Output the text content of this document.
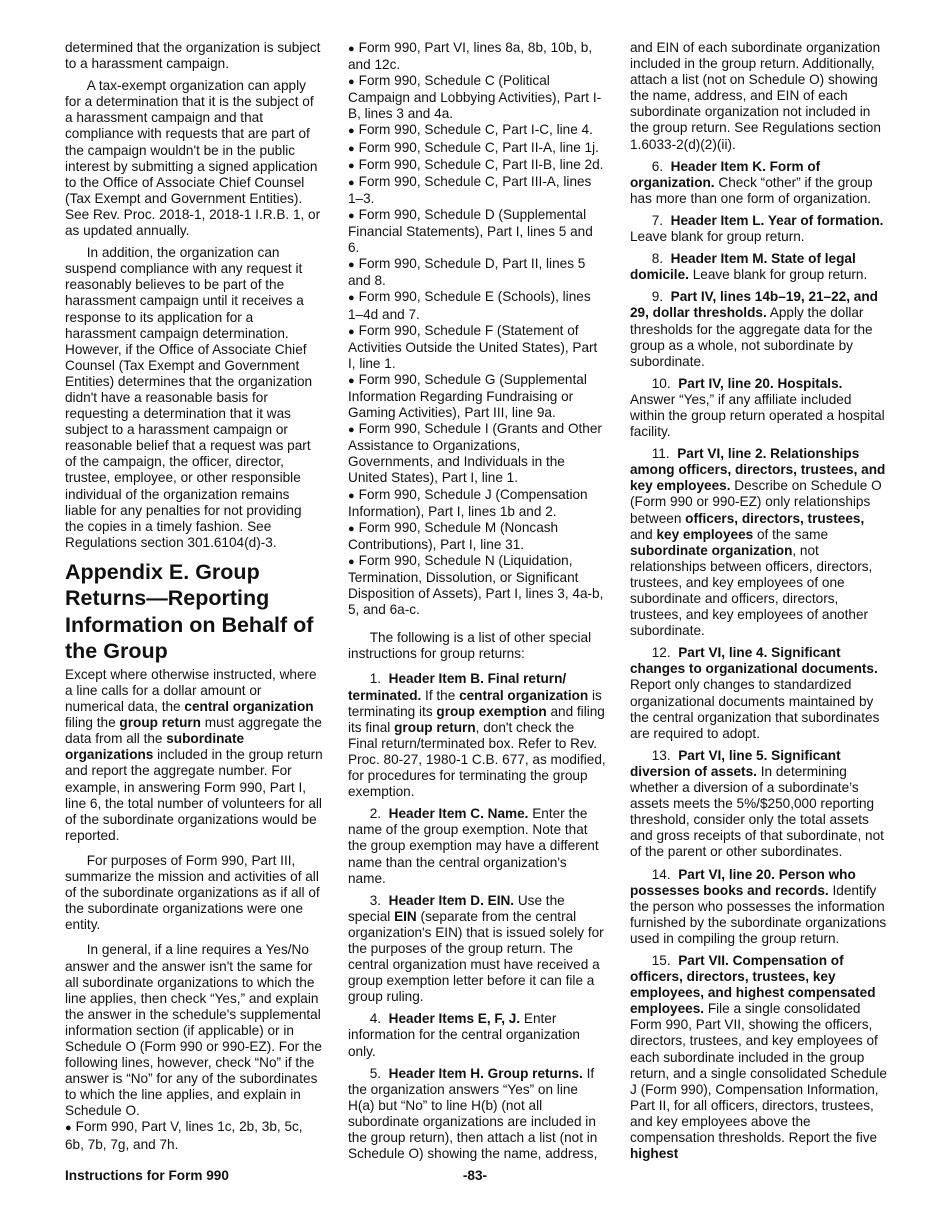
determined that the organization is subject to a harassment campaign.

A tax-exempt organization can apply for a determination that it is the subject of a harassment campaign and that compliance with requests that are part of the campaign wouldn't be in the public interest by submitting a signed application to the Office of Associate Chief Counsel (Tax Exempt and Government Entities). See Rev. Proc. 2018-1, 2018-1 I.R.B. 1, or as updated annually.

In addition, the organization can suspend compliance with any request it reasonably believes to be part of the harassment campaign until it receives a response to its application for a harassment campaign determination. However, if the Office of Associate Chief Counsel (Tax Exempt and Government Entities) determines that the organization didn't have a reasonable basis for requesting a determination that it was subject to a harassment campaign or reasonable belief that a request was part of the campaign, the officer, director, trustee, employee, or other responsible individual of the organization remains liable for any penalties for not providing the copies in a timely fashion. See Regulations section 301.6104(d)-3.

Appendix E. Group Returns—Reporting Information on Behalf of the Group

Except where otherwise instructed, where a line calls for a dollar amount or numerical data, the central organization filing the group return must aggregate the data from all the subordinate organizations included in the group return and report the aggregate number. For example, in answering Form 990, Part I, line 6, the total number of volunteers for all of the subordinate organizations would be reported.

For purposes of Form 990, Part III, summarize the mission and activities of all of the subordinate organizations as if all of the subordinate organizations were one entity.

In general, if a line requires a Yes/No answer and the answer isn't the same for all subordinate organizations to which the line applies, then check “Yes,” and explain the answer in the schedule's supplemental information section (if applicable) or in Schedule O (Form 990 or 990-EZ). For the following lines, however, check “No” if the answer is “No” for any of the subordinates to which the line applies, and explain in Schedule O.

● Form 990, Part V, lines 1c, 2b, 3b, 5c, 6b, 7b, 7g, and 7h.
● Form 990, Part VI, lines 8a, 8b, 10b, b, and 12c.
● Form 990, Schedule C (Political Campaign and Lobbying Activities), Part I-B, lines 3 and 4a.
● Form 990, Schedule C, Part I-C, line 4.
● Form 990, Schedule C, Part II-A, line 1j.
● Form 990, Schedule C, Part II-B, line 2d.
● Form 990, Schedule C, Part III-A, lines 1–3.
● Form 990, Schedule D (Supplemental Financial Statements), Part I, lines 5 and 6.
● Form 990, Schedule D, Part II, lines 5 and 8.
● Form 990, Schedule E (Schools), lines 1–4d and 7.
● Form 990, Schedule F (Statement of Activities Outside the United States), Part I, line 1.
● Form 990, Schedule G (Supplemental Information Regarding Fundraising or Gaming Activities), Part III, line 9a.
● Form 990, Schedule I (Grants and Other Assistance to Organizations, Governments, and Individuals in the United States), Part I, line 1.
● Form 990, Schedule J (Compensation Information), Part I, lines 1b and 2.
● Form 990, Schedule M (Noncash Contributions), Part I, line 31.
● Form 990, Schedule N (Liquidation, Termination, Dissolution, or Significant Disposition of Assets), Part I, lines 3, 4a-b, 5, and 6a-c.

The following is a list of other special instructions for group returns:

1. Header Item B. Final return/ terminated. If the central organization is terminating its group exemption and filing its final group return, don't check the Final return/terminated box. Refer to Rev. Proc. 80-27, 1980-1 C.B. 677, as modified, for procedures for terminating the group exemption.

2. Header Item C. Name. Enter the name of the group exemption. Note that the group exemption may have a different name than the central organization's name.

3. Header Item D. EIN. Use the special EIN (separate from the central organization's EIN) that is issued solely for the purposes of the group return. The central organization must have received a group exemption letter before it can file a group ruling.

4. Header Items E, F, J. Enter information for the central organization only.

5. Header Item H. Group returns. If the organization answers “Yes” on line H(a) but “No” to line H(b) (not all subordinate organizations are included in the group return), then attach a list (not in Schedule O) showing the name, address,

and EIN of each subordinate organization included in the group return. Additionally, attach a list (not on Schedule O) showing the name, address, and EIN of each subordinate organization not included in the group return. See Regulations section 1.6033-2(d)(2)(ii).

6. Header Item K. Form of organization. Check “other” if the group has more than one form of organization.

7. Header Item L. Year of formation. Leave blank for group return.

8. Header Item M. State of legal domicile. Leave blank for group return.

9. Part IV, lines 14b–19, 21–22, and 29, dollar thresholds. Apply the dollar thresholds for the aggregate data for the group as a whole, not subordinate by subordinate.

10. Part IV, line 20. Hospitals. Answer “Yes,” if any affiliate included within the group return operated a hospital facility.

11. Part VI, line 2. Relationships among officers, directors, trustees, and key employees. Describe on Schedule O (Form 990 or 990-EZ) only relationships between officers, directors, trustees, and key employees of the same subordinate organization, not relationships between officers, directors, trustees, and key employees of one subordinate and officers, directors, trustees, and key employees of another subordinate.

12. Part VI, line 4. Significant changes to organizational documents. Report only changes to standardized organizational documents maintained by the central organization that subordinates are required to adopt.

13. Part VI, line 5. Significant diversion of assets. In determining whether a diversion of a subordinate’s assets meets the 5%/$250,000 reporting threshold, consider only the total assets and gross receipts of that subordinate, not of the parent or other subordinates.

14. Part VI, line 20. Person who possesses books and records. Identify the person who possesses the information furnished by the subordinate organizations used in compiling the group return.

15. Part VII. Compensation of officers, directors, trustees, key employees, and highest compensated employees. File a single consolidated Form 990, Part VII, showing the officers, directors, trustees, and key employees of each subordinate included in the group return, and a single consolidated Schedule J (Form 990), Compensation Information, Part II, for all officers, directors, trustees, and key employees above the compensation thresholds. Report the five highest

-83-
Instructions for Form 990
